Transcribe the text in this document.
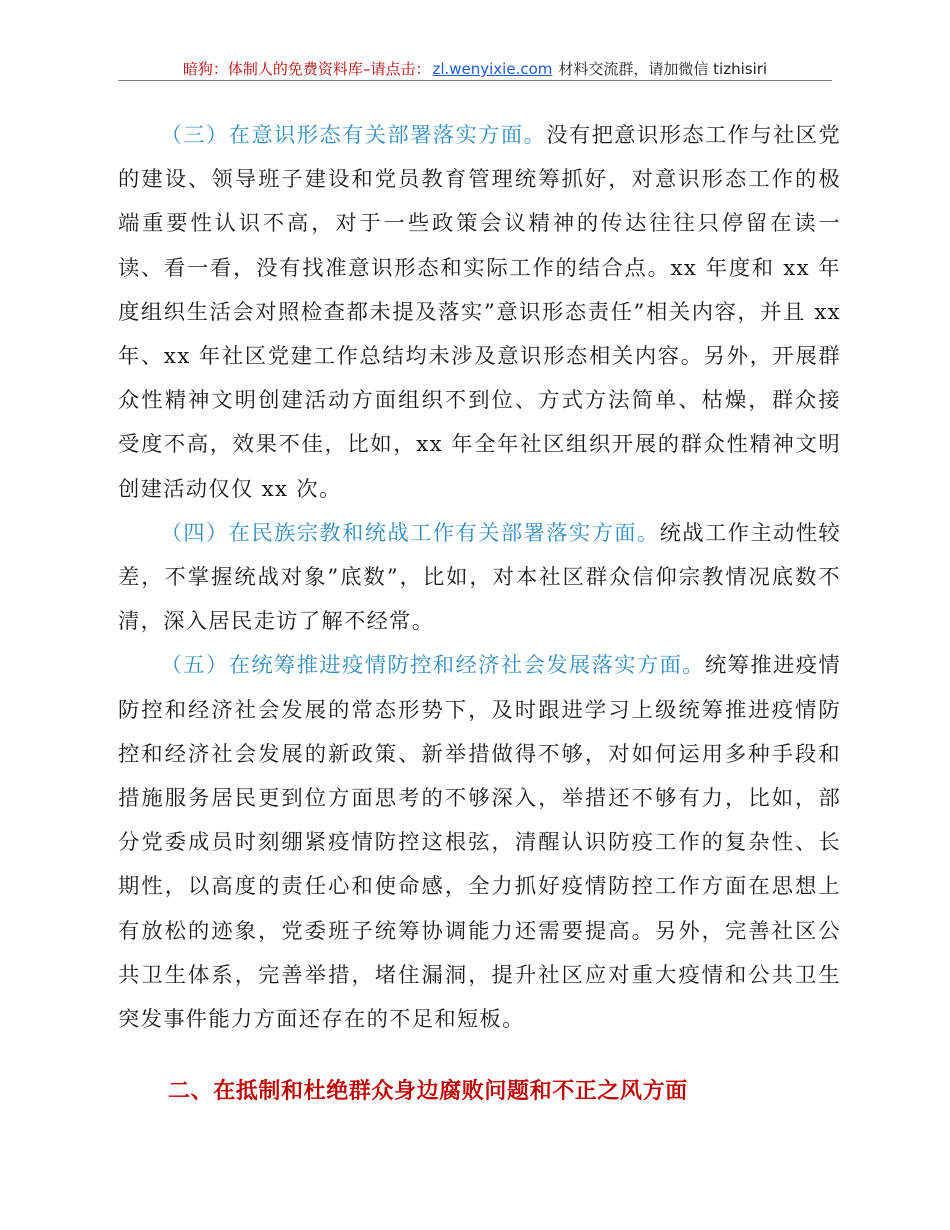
暗狗：体制人的免费资料库–请点击： zl.wenyixie.com 材料交流群，请加微信 tizhisiri

（三）在意识形态有关部署落实方面。没有把意识形态工作与社区党的建设、领导班子建设和党员教育管理统筹抓好，对意识形态工作的极端重要性认识不高，对于一些政策会议精神的传达往往只停留在读一读、看一看，没有找准意识形态和实际工作的结合点。xx 年度和 xx 年度组织生活会对照检查都未提及落实”意识形态责任”相关内容，并且 xx 年、xx 年社区党建工作总结均未涉及意识形态相关内容。另外，开展群众性精神文明创建活动方面组织不到位、方式方法简单、枯燥，群众接受度不高，效果不佳，比如，xx 年全年社区组织开展的群众性精神文明创建活动仅仅 xx 次。

（四）在民族宗教和统战工作有关部署落实方面。统战工作主动性较差，不掌握统战对象”底数”，比如，对本社区群众信仰宗教情况底数不清，深入居民走访了解不经常。

（五）在统筹推进疫情防控和经济社会发展落实方面。统筹推进疫情防控和经济社会发展的常态形势下，及时跟进学习上级统筹推进疫情防控和经济社会发展的新政策、新举措做得不够，对如何运用多种手段和措施服务居民更到位方面思考的不够深入，举措还不够有力，比如，部分党委成员时刻绷紧疫情防控这根弦，清醒认识防疫工作的复杂性、长期性，以高度的责任心和使命感，全力抓好疫情防控工作方面在思想上有放松的迹象，党委班子统筹协调能力还需要提高。另外，完善社区公共卫生体系，完善举措，堵住漏洞，提升社区应对重大疫情和公共卫生突发事件能力方面还存在的不足和短板。

二、在抵制和杜绝群众身边腐败问题和不正之风方面
